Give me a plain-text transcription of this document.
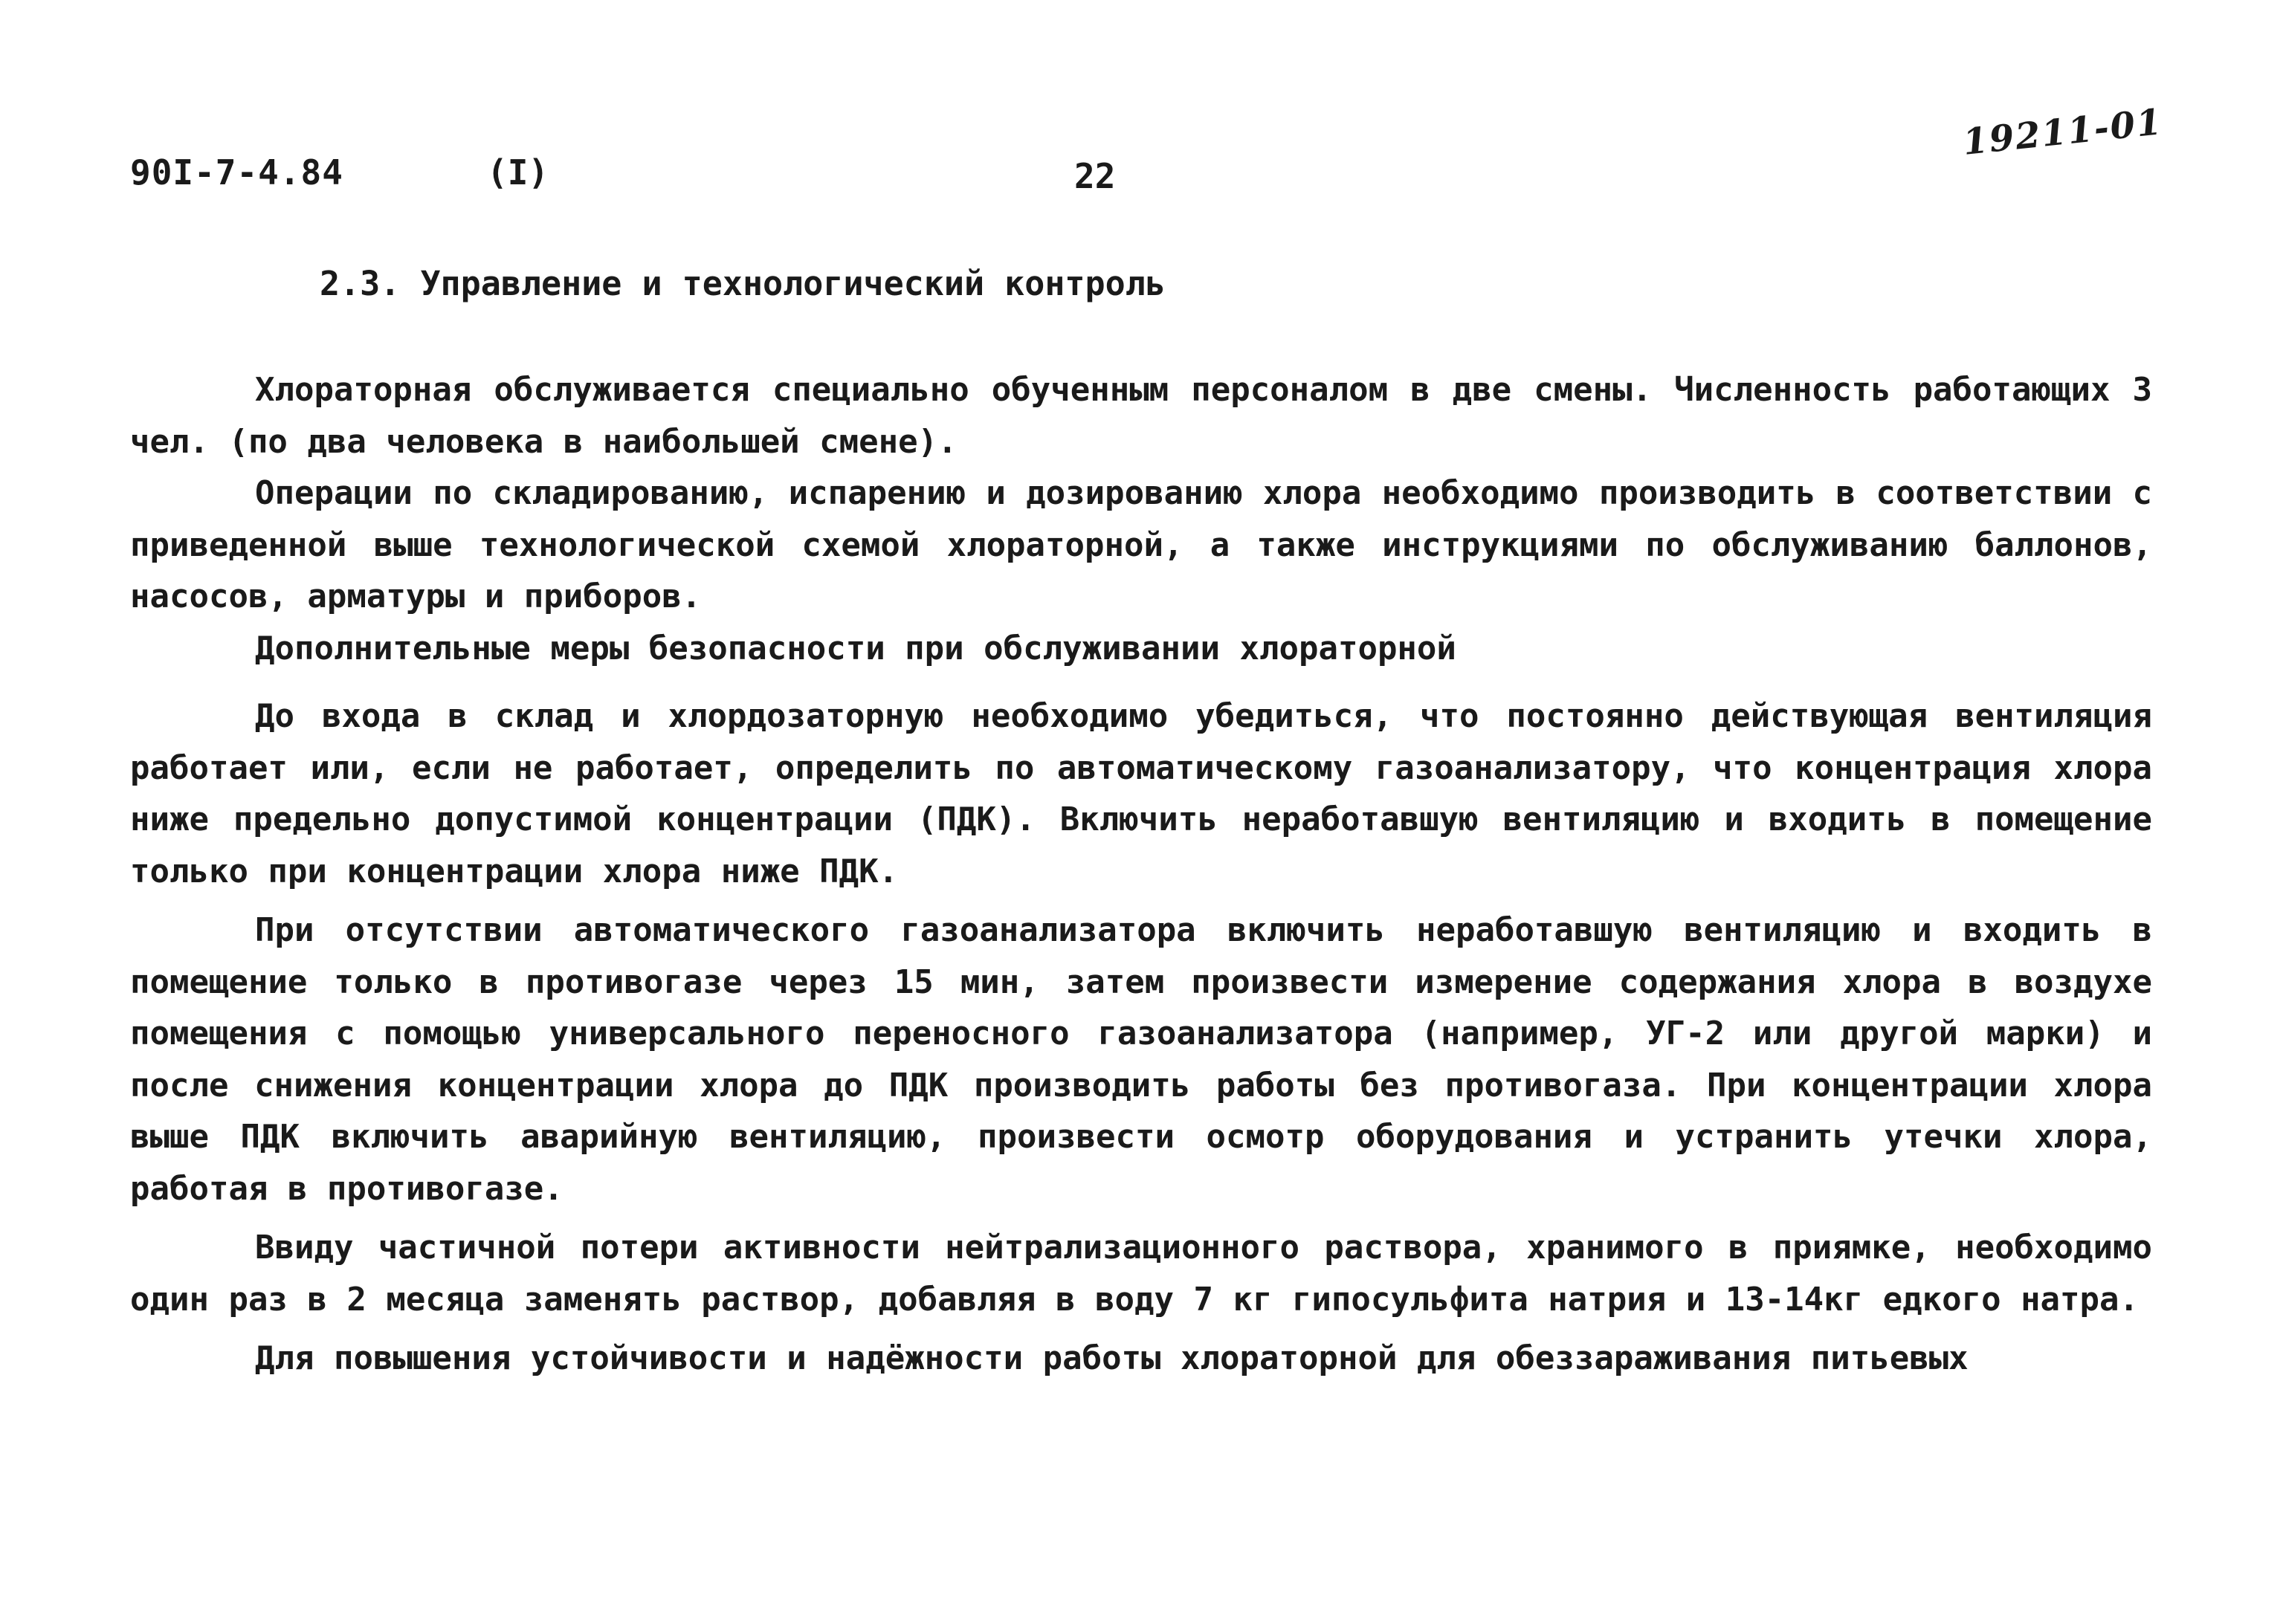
90I-7-4.84	(I)	22
19211-01
2.3. Управление и технологический контроль

Хлораторная обслуживается специально обученным персоналом в две смены. Численность работающих 3 чел. (по два человека в наибольшей смене).

Операции по складированию, испарению и дозированию хлора необходимо производить в соответствии с приведенной выше технологической схемой хлораторной, а также инструкциями по обслуживанию баллонов, насосов, арматуры и приборов.

Дополнительные меры безопасности при обслуживании хлораторной

До входа в склад и хлордозаторную необходимо убедиться, что постоянно действующая вентиляция работает или, если не работает, определить по автоматическому газоанализатору, что концентрация хлора ниже предельно допустимой концентрации (ПДК). Включить неработавшую вентиляцию и входить в помещение только при концентрации хлора ниже ПДК.

При отсутствии автоматического газоанализатора включить неработавшую вентиляцию и входить в помещение только в противогазе через 15 мин, затем произвести измерение содержания хлора в воздухе помещения с помощью универсального переносного газоанализатора (например, УГ-2 или другой марки) и после снижения концентрации хлора до ПДК производить работы без противогаза. При концентрации хлора выше ПДК включить аварийную вентиляцию, произвести осмотр оборудования и устранить утечки хлора, работая в противогазе.

Ввиду частичной потери активности нейтрализационного раствора, хранимого в приямке, необходимо один раз в 2 месяца заменять раствор, добавляя в воду 7 кг гипосульфита натрия и 13-14кг едкого натра.

Для повышения устойчивости и надёжности работы хлораторной для обеззараживания питьевых
